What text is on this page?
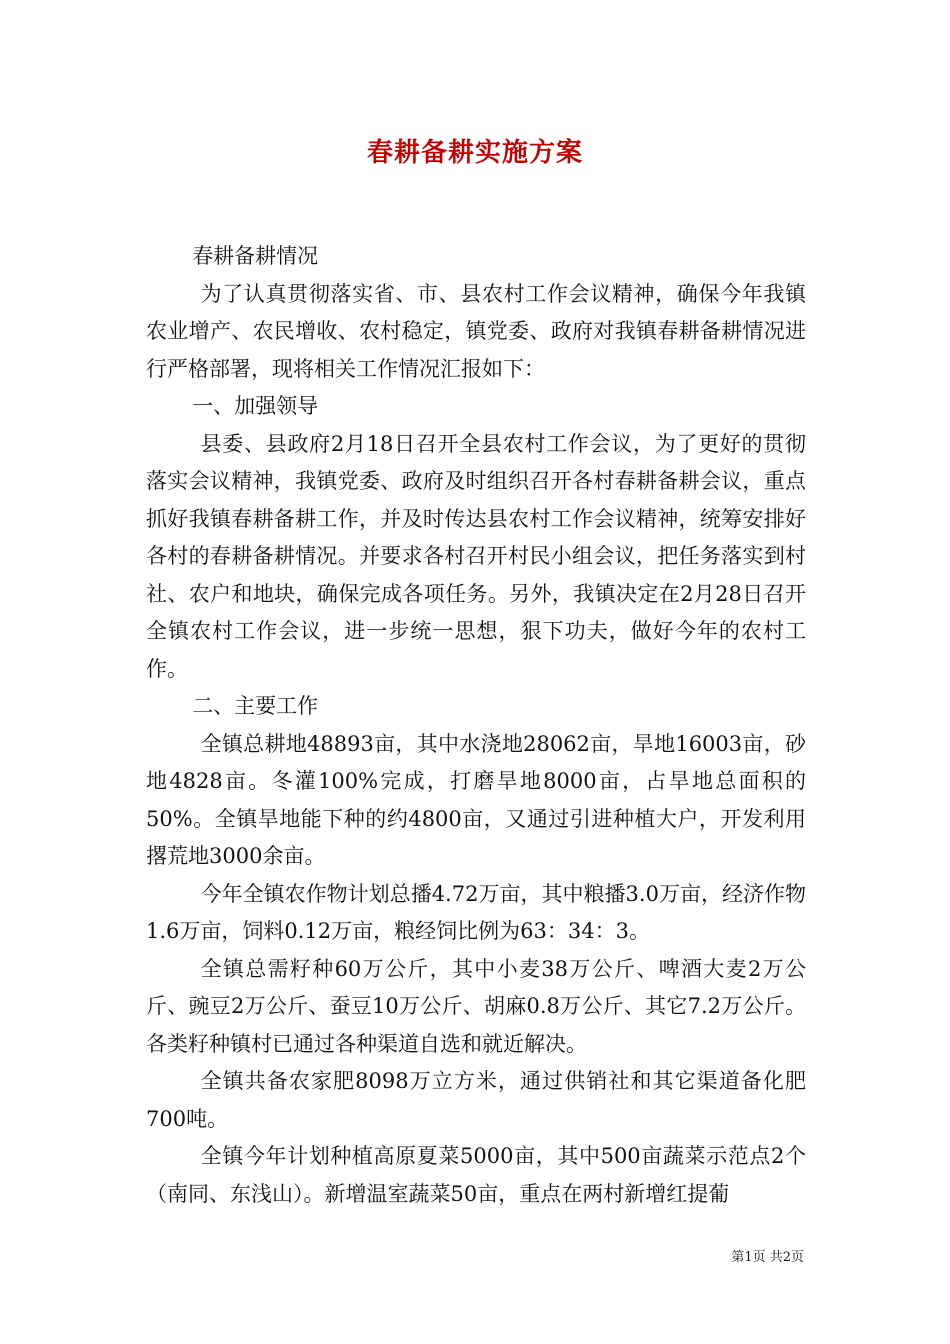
春耕备耕实施方案

春耕备耕情况

为了认真贯彻落实省、市、县农村工作会议精神，确保今年我镇农业增产、农民增收、农村稳定，镇党委、政府对我镇春耕备耕情况进行严格部署，现将相关工作情况汇报如下：

一、加强领导

县委、县政府2月18日召开全县农村工作会议，为了更好的贯彻落实会议精神，我镇党委、政府及时组织召开各村春耕备耕会议，重点抓好我镇春耕备耕工作，并及时传达县农村工作会议精神，统筹安排好各村的春耕备耕情况。并要求各村召开村民小组会议，把任务落实到村社、农户和地块，确保完成各项任务。另外，我镇决定在2月28日召开全镇农村工作会议，进一步统一思想，狠下功夫，做好今年的农村工作。

二、主要工作

全镇总耕地48893亩，其中水浇地28062亩，旱地16003亩，砂地4828亩。冬灌100%完成，打磨旱地8000亩，占旱地总面积的50%。全镇旱地能下种的约4800亩，又通过引进种植大户，开发利用撂荒地3000余亩。

今年全镇农作物计划总播4.72万亩，其中粮播3.0万亩，经济作物1.6万亩，饲料0.12万亩，粮经饲比例为63：34：3。

全镇总需籽种60万公斤，其中小麦38万公斤、啤酒大麦2万公斤、豌豆2万公斤、蚕豆10万公斤、胡麻0.8万公斤、其它7.2万公斤。各类籽种镇村已通过各种渠道自选和就近解决。

全镇共备农家肥8098万立方米，通过供销社和其它渠道备化肥700吨。

全镇今年计划种植高原夏菜5000亩，其中500亩蔬菜示范点2个（南同、东浅山）。新增温室蔬菜50亩，重点在两村新增红提葡

第1页 共2页
